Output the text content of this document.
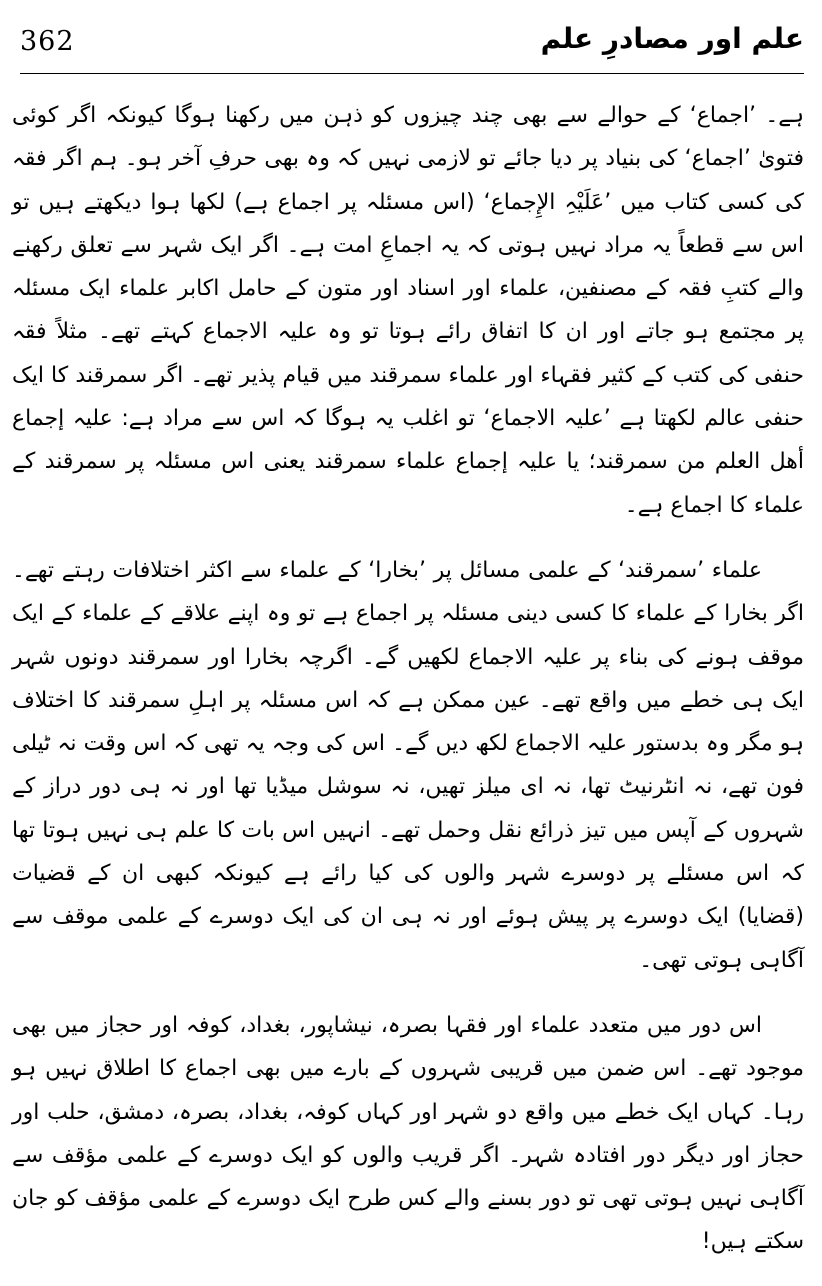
362	علم اور مصادرِ علم

ہے۔ ’اجماع‘ کے حوالے سے بھی چند چیزوں کو ذہن میں رکھنا ہوگا کیونکہ اگر کوئی فتویٰ ’اجماع‘ کی بنیاد پر دیا جائے تو لازمی نہیں کہ وہ بھی حرفِ آخر ہو۔ ہم اگر فقہ کی کسی کتاب میں ’عَلَیْہِ الإِجماع‘ (اس مسئلہ پر اجماع ہے) لکھا ہوا دیکھتے ہیں تو اس سے قطعاً یہ مراد نہیں ہوتی کہ یہ اجماعِ امت ہے۔ اگر ایک شہر سے تعلق رکھنے والے کتبِ فقہ کے مصنفین، علماء اور اسناد اور متون کے حامل اکابر علماء ایک مسئلہ پر مجتمع ہو جاتے اور ان کا اتفاق رائے ہوتا تو وہ علیہ الاجماع کہتے تھے۔ مثلاً فقہ حنفی کی کتب کے کثیر فقہاء اور علماء سمرقند میں قیام پذیر تھے۔ اگر سمرقند کا ایک حنفی عالم لکھتا ہے ’علیہ الاجماع‘ تو اغلب یہ ہوگا کہ اس سے مراد ہے: علیہ إجماع أهل العلم من سمرقند؛ یا علیہ إجماع علماء سمرقند یعنی اس مسئلہ پر سمرقند کے علماء کا اجماع ہے۔

علماء ’سمرقند‘ کے علمی مسائل پر ’بخارا‘ کے علماء سے اکثر اختلافات رہتے تھے۔ اگر بخارا کے علماء کا کسی دینی مسئلہ پر اجماع ہے تو وہ اپنے علاقے کے علماء کے ایک موقف ہونے کی بناء پر علیہ الاجماع لکھیں گے۔ اگرچہ بخارا اور سمرقند دونوں شہر ایک ہی خطے میں واقع تھے۔ عین ممکن ہے کہ اس مسئلہ پر اہلِ سمرقند کا اختلاف ہو مگر وہ بدستور علیہ الاجماع لکھ دیں گے۔ اس کی وجہ یہ تھی کہ اس وقت نہ ٹیلی فون تھے، نہ انٹرنیٹ تھا، نہ ای میلز تھیں، نہ سوشل میڈیا تھا اور نہ ہی دور دراز کے شہروں کے آپس میں تیز ذرائع نقل وحمل تھے۔ انہیں اس بات کا علم ہی نہیں ہوتا تھا کہ اس مسئلے پر دوسرے شہر والوں کی کیا رائے ہے کیونکہ کبھی ان کے قضیات (قضایا) ایک دوسرے پر پیش ہوئے اور نہ ہی ان کی ایک دوسرے کے علمی موقف سے آگاہی ہوتی تھی۔

اس دور میں متعدد علماء اور فقہا بصرہ، نیشاپور، بغداد، کوفہ اور حجاز میں بھی موجود تھے۔ اس ضمن میں قریبی شہروں کے بارے میں بھی اجماع کا اطلاق نہیں ہو رہا۔ کہاں ایک خطے میں واقع دو شہر اور کہاں کوفہ، بغداد، بصرہ، دمشق، حلب اور حجاز اور دیگر دور افتادہ شہر۔ اگر قریب والوں کو ایک دوسرے کے علمی مؤقف سے آگاہی نہیں ہوتی تھی تو دور بسنے والے کس طرح ایک دوسرے کے علمی مؤقف کو جان سکتے ہیں!
